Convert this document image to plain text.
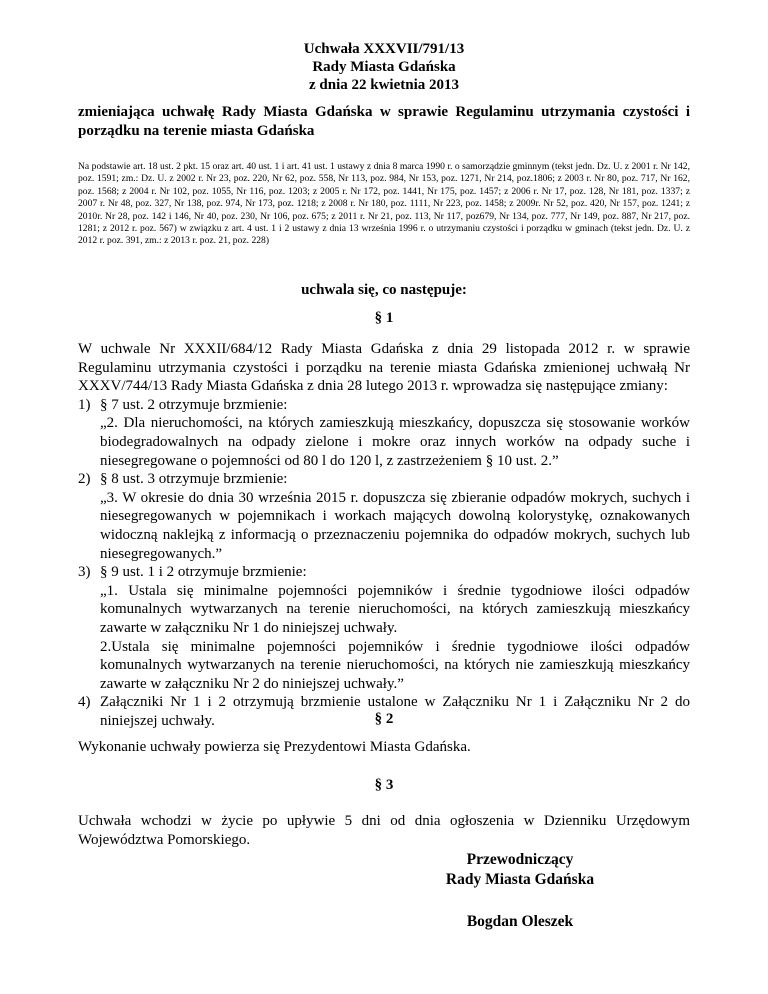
Uchwała XXXVII/791/13
Rady Miasta Gdańska
z dnia 22 kwietnia 2013
zmieniająca uchwałę Rady Miasta Gdańska w sprawie Regulaminu utrzymania czystości i porządku na terenie miasta Gdańska
Na podstawie art. 18 ust. 2 pkt. 15 oraz art. 40 ust. 1 i art. 41 ust. 1 ustawy z dnia 8 marca 1990 r. o samorządzie gminnym (tekst jedn. Dz. U. z 2001 r. Nr 142, poz. 1591; zm.: Dz. U. z 2002 r. Nr 23, poz. 220, Nr 62, poz. 558, Nr 113, poz. 984, Nr 153, poz. 1271, Nr 214, poz.1806; z 2003 r. Nr 80, poz. 717, Nr 162, poz. 1568; z 2004 r. Nr 102, poz. 1055, Nr 116, poz. 1203; z 2005 r. Nr 172, poz. 1441, Nr 175, poz. 1457; z 2006 r. Nr 17, poz. 128, Nr 181, poz. 1337; z 2007 r. Nr 48, poz. 327, Nr 138, poz. 974, Nr 173, poz. 1218; z 2008 r. Nr 180, poz. 1111, Nr 223, poz. 1458; z 2009r. Nr 52, poz. 420, Nr 157, poz. 1241; z 2010r. Nr 28, poz. 142 i 146, Nr 40, poz. 230, Nr 106, poz. 675; z 2011 r. Nr 21, poz. 113, Nr 117, poz679, Nr 134, poz. 777, Nr 149, poz. 887, Nr 217, poz. 1281; z 2012 r. poz. 567) w związku z art. 4 ust. 1 i 2 ustawy z dnia 13 września 1996 r. o utrzymaniu czystości i porządku w gminach (tekst jedn. Dz. U. z 2012 r. poz. 391, zm.: z 2013 r. poz. 21, poz. 228)
uchwala się, co następuje:
§ 1

W uchwale Nr XXXII/684/12 Rady Miasta Gdańska z dnia 29 listopada 2012 r. w sprawie Regulaminu utrzymania czystości i porządku na terenie miasta Gdańska zmienionej uchwałą Nr XXXV/744/13 Rady Miasta Gdańska z dnia 28 lutego 2013 r. wprowadza się następujące zmiany:

1) § 7 ust. 2 otrzymuje brzmienie:
„2. Dla nieruchomości, na których zamieszkują mieszkańcy, dopuszcza się stosowanie worków biodegradowalnych na odpady zielone i mokre oraz innych worków na odpady suche i niesegregowane o pojemności od 80 l do 120 l, z zastrzeżeniem § 10 ust. 2.”
2) § 8 ust. 3 otrzymuje brzmienie:
„3. W okresie do dnia 30 września 2015 r. dopuszcza się zbieranie odpadów mokrych, suchych i niesegregowanych w pojemnikach i workach mających dowolną kolorystykę, oznakowanych widoczną naklejką z informacją o przeznaczeniu pojemnika do odpadów mokrych, suchych lub niesegregowanych.”
3) § 9 ust. 1 i 2 otrzymuje brzmienie:
„1. Ustala się minimalne pojemności pojemników i średnie tygodniowe ilości odpadów komunalnych wytwarzanych na terenie nieruchomości, na których zamieszkują mieszkańcy zawarte w załączniku Nr 1 do niniejszej uchwały.
2.Ustala się minimalne pojemności pojemników i średnie tygodniowe ilości odpadów komunalnych wytwarzanych na terenie nieruchomości, na których nie zamieszkują mieszkańcy zawarte w załączniku Nr 2 do niniejszej uchwały.”
4) Załączniki Nr 1 i 2 otrzymują brzmienie ustalone w Załączniku Nr 1 i Załączniku Nr 2 do niniejszej uchwały.	§ 2
Wykonanie uchwały powierza się Prezydentowi Miasta Gdańska.
§ 3
Uchwała wchodzi w życie po upływie 5 dni od dnia ogłoszenia w Dzienniku Urzędowym Województwa Pomorskiego.
Przewodniczący
Rady Miasta Gdańska
Bogdan Oleszek
